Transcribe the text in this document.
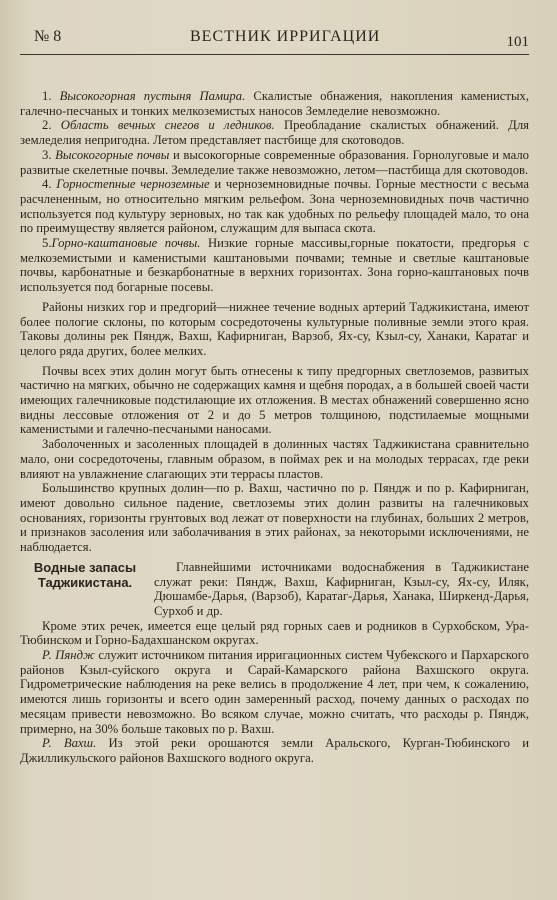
№ 8	ВЕСТНИК ИРРИГАЦИИ	101

1. Высокогорная пустыня Памира. Скалистые обнажения, накопления каменистых, галечно-песчаных и тонких мелкоземистых наносов Земледелие невозможно.

2. Область вечных снегов и ледников. Преобладание скалистых обнажений. Для земледелия непригодна. Летом представляет пастбище для скотоводов.

3. Высокогорные почвы и высокогорные современные образования. Горнолуговые и мало развитые скелетные почвы. Земледелие также невозможно, летом—пастбища для скотоводов.

4. Горностепные черноземные и черноземновидные почвы. Горные местности с весьма расчлененным, но относительно мягким рельефом. Зона черноземновидных почв частично используется под культуру зерновых, но так как удобных по рельефу площадей мало, то она по преимуществу является районом, служащим для выпаса скота.

5.Горно-каштановые почвы. Низкие горные массивы,горные покатости, предгорья с мелкоземистыми и каменистыми каштановыми почвами; темные и светлые каштановые почвы, карбонатные и безкарбонатные в верхних горизонтах. Зона горно-каштановых почв используется под богарные посевы.

Районы низких гор и предгорий—нижнее течение водных артерий Таджикистана, имеют более пологие склоны, по которым сосредоточены культурные поливные земли этого края. Таковы долины рек Пяндж, Вахш, Кафирниган, Варзоб, Ях-су, Кзыл-су, Ханаки, Каратаг и целого ряда других, более мелких.

Почвы всех этих долин могут быть отнесены к типу предгорных светлоземов, развитых частично на мягких, обычно не содержащих камня и щебня породах, а в большей своей части имеющих галечниковые подстилающие их отложения. В местах обнажений совершенно ясно видны лессовые отложения от 2 и до 5 метров толщиною, подстилаемые мощными каменистыми и галечно-песчаными наносами.

Заболоченных и засоленных площадей в долинных частях Таджикистана сравнительно мало, они сосредоточены, главным образом, в поймах рек и на молодых террасах, где реки влияют на увлажнение слагающих эти террасы пластов.

Большинство крупных долин—по р. Вахш, частично по р. Пяндж и по р. Кафирниган, имеют довольно сильное падение, светлоземы этих долин развиты на галечниковых основаниях, горизонты грунтовых вод лежат от поверхности на глубинах, больших 2 метров, и признаков засоления или заболачивания в этих районах, за некоторыми исключениями, не наблюдается.

Водные запасы Таджикистана.

Главнейшими источниками водоснабжения в Таджикистане служат реки: Пяндж, Вахш, Кафирниган, Кзыл-су, Ях-су, Иляк, Дюшамбе-Дарья, (Варзоб), Каратаг-Дарья, Ханака, Ширкенд-Дарья, Сурхоб и др.

Кроме этих речек, имеется еще целый ряд горных саев и родников в Сурхобском, Ура-Тюбинском и Горно-Бадахшанском округах.

Р. Пяндж служит источником питания ирригационных систем Чубекского и Пархарского районов Кзыл-суйского округа и Сарай-Камарского района Вахшского округа. Гидрометрические наблюдения на реке велись в продолжение 4 лет, при чем, к сожалению, имеются лишь горизонты и всего один замеренный расход, почему данных о расходах по месяцам привести невозможно. Во всяком случае, можно считать, что расходы р. Пяндж, примерно, на 30% больше таковых по р. Вахш.

Р. Вахш. Из этой реки орошаются земли Аральского, Курган-Тюбинского и Джилликульского районов Вахшского водного округа.
